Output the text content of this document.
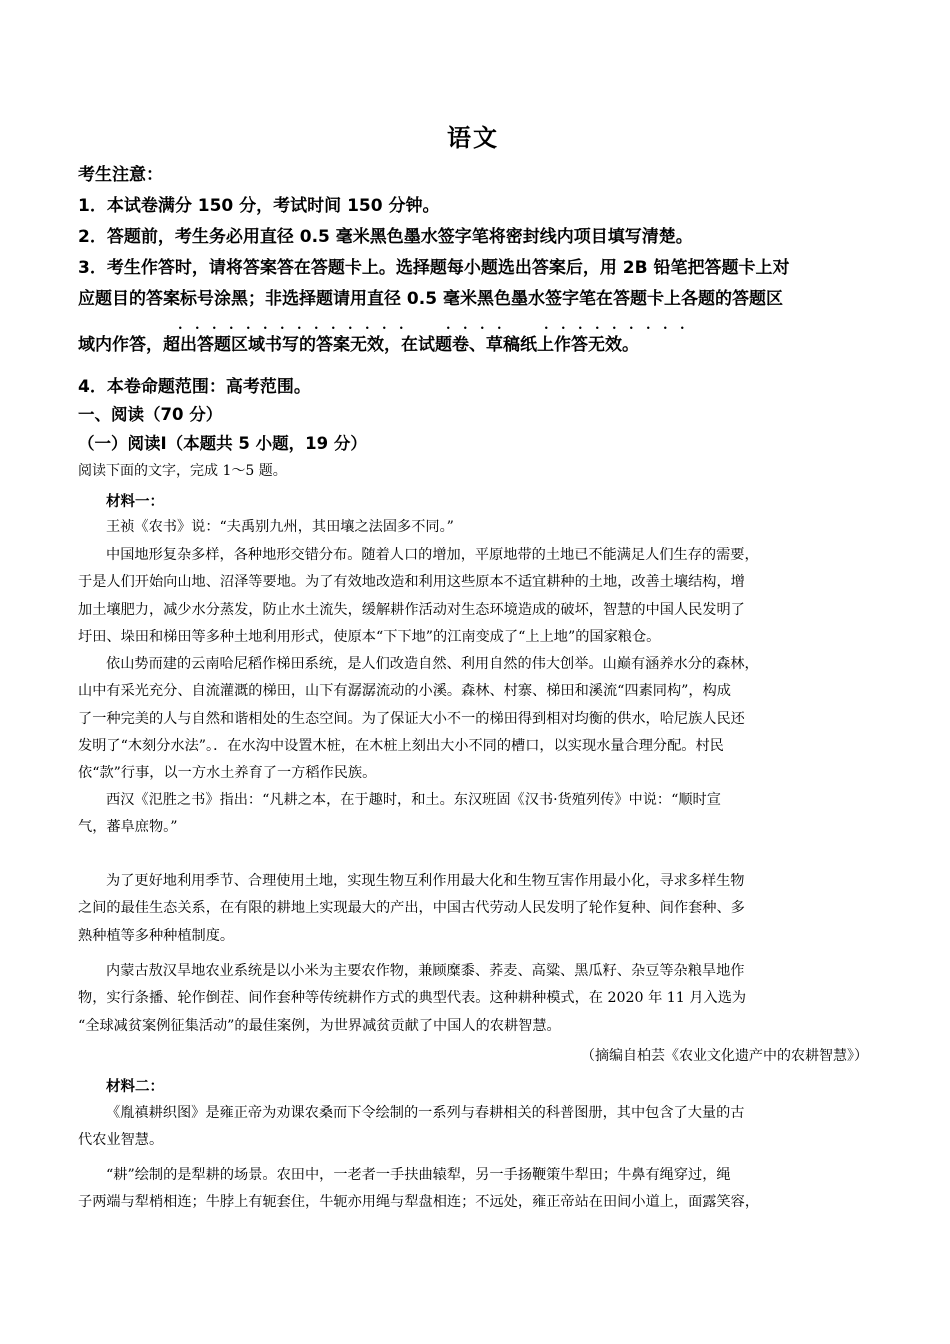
语文
考生注意：
1．本试卷满分 150 分，考试时间 150 分钟。
2．答题前，考生务必用直径 0.5 毫米黑色墨水签字笔将密封线内项目填写清楚。
3．考生作答时，请将答案答在答题卡上。选择题每小题选出答案后，用 2B 铅笔把答题卡上对
应题目的答案标号涂黑；非选择题请用直径 0.5 毫米黑色墨水签字笔在答题卡上各题的答题区
. . . . . . . . . . . . . .	. . . .	. . . . . . . . .
域内作答，超出答题区域书写的答案无效，在试题卷、草稿纸上作答无效。
4．本卷命题范围：高考范围。
一、阅读（70 分）
（一）阅读Ⅰ（本题共 5 小题，19 分）
阅读下面的文字，完成 1～5 题。
材料一：
王祯《农书》说：“夫禹别九州，其田壤之法固多不同。”
中国地形复杂多样，各种地形交错分布。随着人口的增加，平原地带的土地已不能满足人们生存的需要，
于是人们开始向山地、沼泽等要地。为了有效地改造和利用这些原本不适宜耕种的土地，改善土壤结构，增
加土壤肥力，减少水分蒸发，防止水土流失，缓解耕作活动对生态环境造成的破坏，智慧的中国人民发明了
圩田、垛田和梯田等多种土地利用形式，使原本“下下地”的江南变成了“上上地”的国家粮仓。
依山势而建的云南哈尼稻作梯田系统，是人们改造自然、利用自然的伟大创举。山巅有涵养水分的森林，
山中有采光充分、自流灌溉的梯田，山下有潺潺流动的小溪。森林、村寨、梯田和溪流“四素同构”，构成
了一种完美的人与自然和谐相处的生态空间。为了保证大小不一的梯田得到相对均衡的供水，哈尼族人民还
发明了“木刻分水法”。．在水沟中设置木桩，在木桩上刻出大小不同的槽口，以实现水量合理分配。村民
依“款”行事，以一方水土养育了一方稻作民族。
西汉《氾胜之书》指出：“凡耕之本，在于趣时，和土。东汉班固《汉书·货殖列传》中说：“顺时宣
气，蕃阜庶物。”
为了更好地利用季节、合理使用土地，实现生物互利作用最大化和生物互害作用最小化，寻求多样生物
之间的最佳生态关系，在有限的耕地上实现最大的产出，中国古代劳动人民发明了轮作复种、间作套种、多
熟种植等多种种植制度。
内蒙古敖汉旱地农业系统是以小米为主要农作物，兼顾糜黍、荞麦、高粱、黑瓜籽、杂豆等杂粮旱地作
物，实行条播、轮作倒茬、间作套种等传统耕作方式的典型代表。这种耕种模式，在 2020 年 11 月入选为
“全球减贫案例征集活动”的最佳案例，为世界减贫贡献了中国人的农耕智慧。
（摘编自柏芸《农业文化遗产中的农耕智慧》）
材料二：
《胤禛耕织图》是雍正帝为劝课农桑而下令绘制的一系列与春耕相关的科普图册，其中包含了大量的古
代农业智慧。
“耕”绘制的是犁耕的场景。农田中，一老者一手扶曲辕犁，另一手扬鞭策牛犁田；牛鼻有绳穿过，绳
子两端与犁梢相连；牛脖上有轭套住，牛轭亦用绳与犁盘相连；不远处，雍正帝站在田间小道上，面露笑容，
